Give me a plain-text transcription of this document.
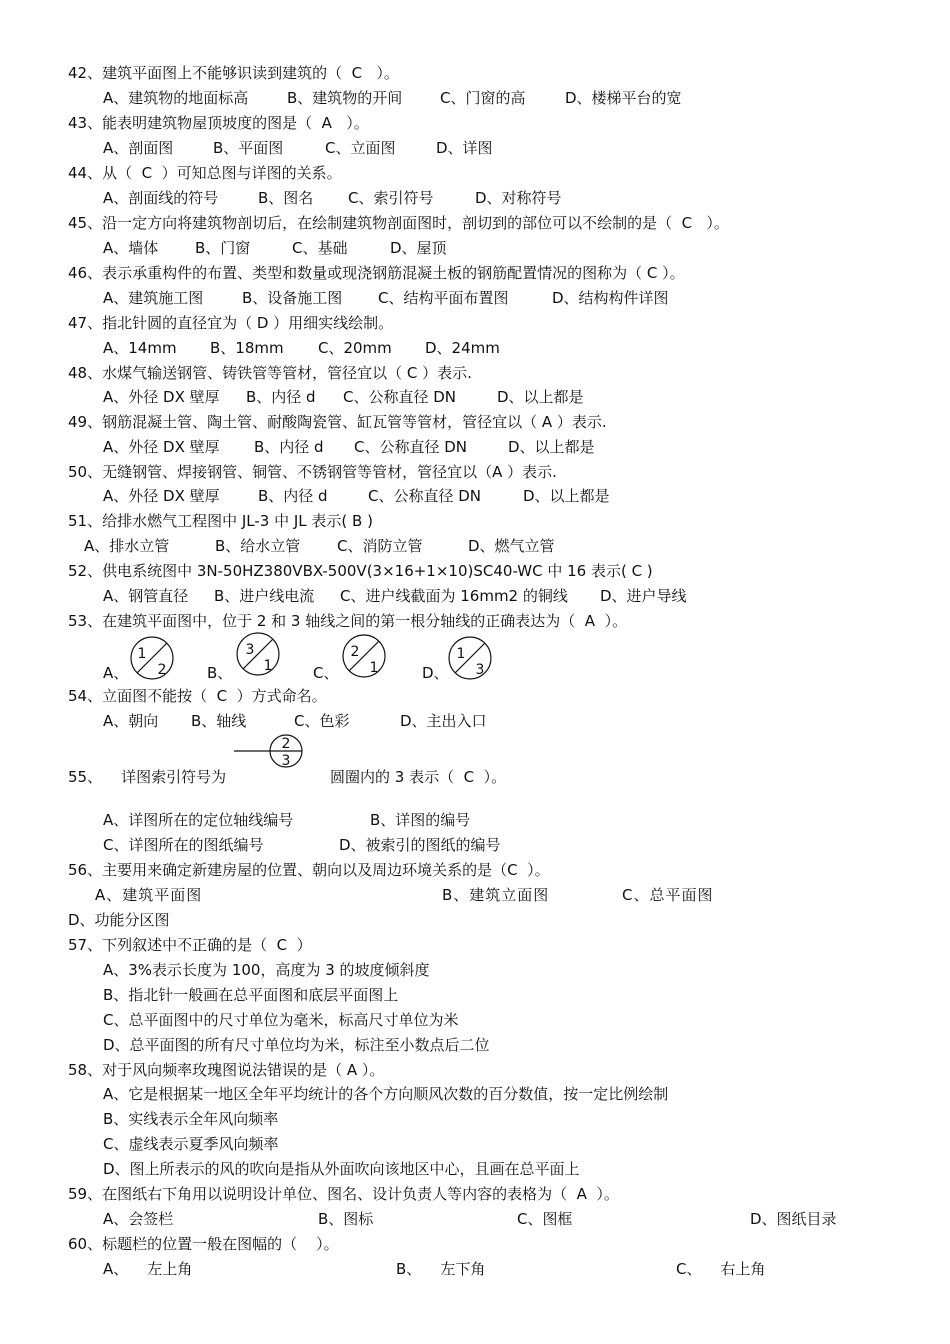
42、建筑平面图上不能够识读到建筑的（  C   ）。
A、建筑物的地面标高	B、建筑物的开间	C、门窗的高	D、楼梯平台的宽
43、能表明建筑物屋顶坡度的图是（  A   ）。
A、剖面图	B、平面图	C、立面图	D、详图
44、从（  C  ）可知总图与详图的关系。
A、剖面线的符号	B、图名 C、索引符号	D、对称符号
45、沿一定方向将建筑物剖切后，在绘制建筑物剖面图时，剖切到的部位可以不绘制的是（  C   ）。
A、墙体 B、门窗	C、基础	D、屋顶
46、表示承重构件的布置、类型和数量或现浇钢筋混凝土板的钢筋配置情况的图称为（ C ）。
A、建筑施工图	B、设备施工图 C、结构平面布置图	D、结构构件详图
47、指北针圆的直径宜为（ D ）用细实线绘制。
A、14mm B、18mm C、20mm D、24mm
48、水煤气输送钢管、铸铁管等管材，管径宜以（ C ）表示.
A、外径 DX 壁厚 B、内径 d C、公称直径 DN	D、以上都是
49、钢筋混凝土管、陶土管、耐酸陶瓷管、缸瓦管等管材，管径宜以（ A ）表示.
A、外径 DX 壁厚 B、内径 d C、公称直径 DN	D、以上都是
50、无缝钢管、焊接钢管、铜管、不锈钢管等管材，管径宜以（A ）表示.
A、外径 DX 壁厚	B、内径 d	C、公称直径 DN	D、以上都是
51、给排水燃气工程图中 JL-3 中 JL 表示( B )
A、排水立管	B、给水立管 C、消防立管	D、燃气立管
52、供电系统图中 3N-50HZ380VBX-500V(3×16+1×10)SC40-WC 中 16 表示( C )
A、钢管直径 B、进户线电流 C、进户线截面为 16mm2 的铜线 D、进户导线
53、在建筑平面图中，位于 2 和 3 轴线之间的第一根分轴线的正确表达为（  A  ）。
A、
1
2	B、
3
1	C、
2
1	D、
1
3
54、立面图不能按（  C  ）方式命名。
A、朝向 B、轴线	C、色彩	D、主出入口
55、    详图索引符号为
2
3
圆圈内的 3 表示（  C  ）。
A、详图所在的定位轴线编号	B、详图的编号
C、详图所在的图纸编号	D、被索引的图纸的编号
56、主要用来确定新建房屋的位置、朝向以及周边环境关系的是（C  ）。
A、建筑平面图	B、建筑立面图	C、总平面图
D、功能分区图
57、下列叙述中不正确的是（  C  ）
A、3%表示长度为 100，高度为 3 的坡度倾斜度
B、指北针一般画在总平面图和底层平面图上
C、总平面图中的尺寸单位为毫米，标高尺寸单位为米
D、总平面图的所有尺寸单位均为米，标注至小数点后二位
58、对于风向频率玫瑰图说法错误的是（ A ）。
A、它是根据某一地区全年平均统计的各个方向顺风次数的百分数值，按一定比例绘制
B、实线表示全年风向频率
C、虚线表示夏季风向频率
D、图上所表示的风的吹向是指从外面吹向该地区中心，且画在总平面上
59、在图纸右下角用以说明设计单位、图名、设计负责人等内容的表格为（  A  ）。
A、会签栏	B、图标	C、图框	D、图纸目录
60、标题栏的位置一般在图幅的（    ）。
A、    左上角	B、    左下角	C、    右上角
